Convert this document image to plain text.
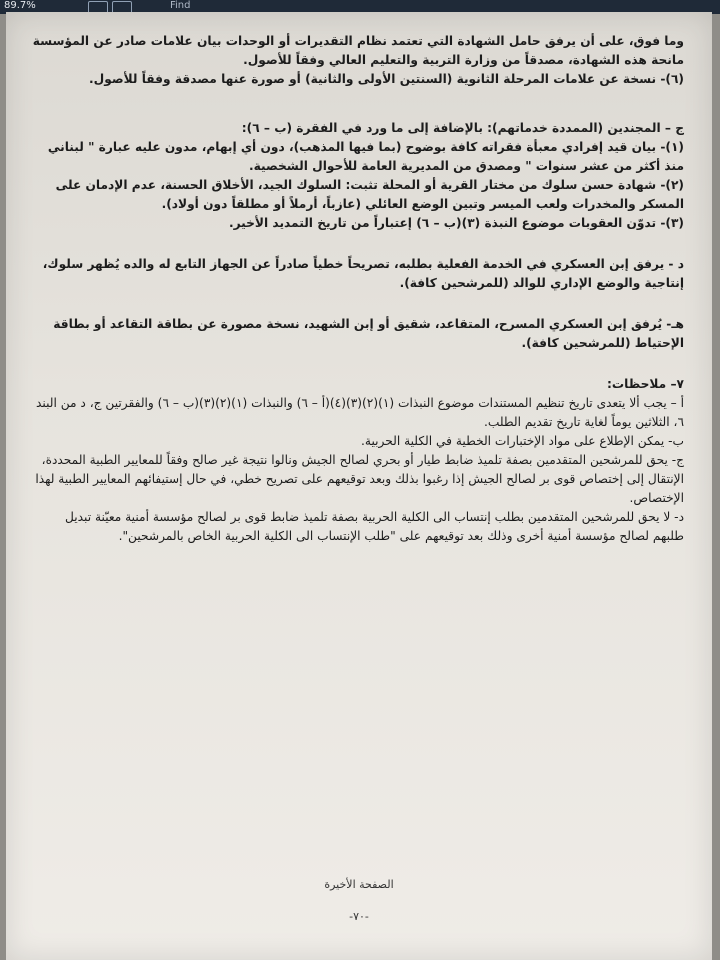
89.7%	Find

وما فوق، على أن يرفق حامل الشهادة التي تعتمد نظام التقديرات أو الوحدات بيان علامات صادر عن المؤسسة مانحة هذه الشهادة، مصدقاً من وزارة التربية والتعليم العالي وفقاً للأصول.

(٦)- نسخة عن علامات المرحلة الثانوية (السنتين الأولى والثانية) أو صورة عنها مصدقة وفقاً للأصول.

ج – المجندين (الممددة خدماتهم): بالإضافة إلى ما ورد في الفقرة (ب – ٦):

(١)- بيان قيد إفرادي معبأة فقراته كافة بوضوح (بما فيها المذهب)، دون أي إبهام، مدون عليه عبارة " لبناني منذ أكثر من عشر سنوات " ومصدق من المديرية العامة للأحوال الشخصية.

(٢)- شهادة حسن سلوك من مختار القرية أو المحلة تثبت: السلوك الجيد، الأخلاق الحسنة، عدم الإدمان على المسكر والمخدرات ولعب الميسر وتبين الوضع العائلي (عازباً، أرملاً أو مطلقاً دون أولاد).

(٣)- تدوّن العقوبات موضوع النبذة (٣)(ب – ٦) إعتباراً من تاريخ التمديد الأخير.

د - يرفق إبن العسكري في الخدمة الفعلية بطلبه، تصريحاً خطياً صادراً عن الجهاز التابع له والده يُظهر سلوك، إنتاجية والوضع الإداري للوالد (للمرشحين كافة).

هـ- يُرفق إبن العسكري المسرح، المتقاعد، شقيق أو إبن الشهيد، نسخة مصورة عن بطاقة التقاعد أو بطاقة الإحتياط (للمرشحين كافة).

٧– ملاحظات:

أ – يجب ألا يتعدى تاريخ تنظيم المستندات موضوع النبذات (١)(٢)(٣)(٤)(أ – ٦) والنبذات (١)(٢)(٣)(ب – ٦) والفقرتين ج، د من البند ٦، الثلاثين يوماً لغاية تاريخ تقديم الطلب.

ب- يمكن الإطلاع على مواد الإختبارات الخطية في الكلية الحربية.

ج- يحق للمرشحين المتقدمين بصفة تلميذ ضابط طيار أو بحري لصالح الجيش ونالوا نتيجة غير صالح وفقاً للمعايير الطبية المحددة، الإنتقال إلى إختصاص قوى بر لصالح الجيش إذا رغبوا بذلك وبعد توقيعهم على تصريح خطي، في حال إستيفائهم المعايير الطبية لهذا الإختصاص.

د- لا يحق للمرشحين المتقدمين بطلب إنتساب الى الكلية الحربية بصفة تلميذ ضابط قوى بر لصالح مؤسسة أمنية معيّنة تبديل طلبهم لصالح مؤسسة أمنية أخرى وذلك بعد توقيعهم على "طلب الإنتساب الى الكلية الحربية الخاص بالمرشحين".

الصفحة الأخيرة
-٧٠-
